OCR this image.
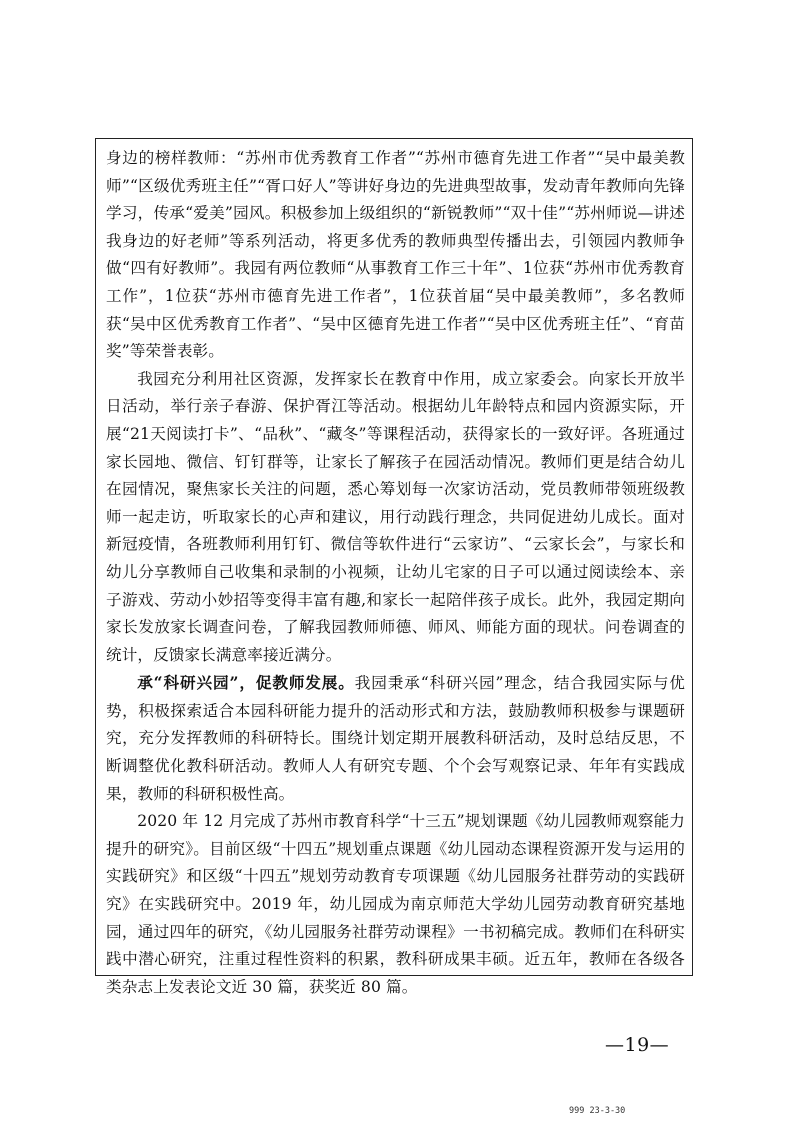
身边的榜样教师：“苏州市优秀教育工作者”“苏州市德育先进工作者”“吴中最美教师”“区级优秀班主任”“胥口好人”等讲好身边的先进典型故事，发动青年教师向先锋学习，传承“爱美”园风。积极参加上级组织的“新锐教师”“双十佳”“苏州师说—讲述我身边的好老师”等系列活动，将更多优秀的教师典型传播出去，引领园内教师争做“四有好教师”。我园有两位教师“从事教育工作三十年”、1位获“苏州市优秀教育工作”，1位获“苏州市德育先进工作者”，1位获首届“吴中最美教师”，多名教师获“吴中区优秀教育工作者”、“吴中区德育先进工作者”“吴中区优秀班主任”、“育苗奖”等荣誉表彰。

我园充分利用社区资源，发挥家长在教育中作用，成立家委会。向家长开放半日活动，举行亲子春游、保护胥江等活动。根据幼儿年龄特点和园内资源实际，开展“21天阅读打卡”、“品秋”、“藏冬”等课程活动，获得家长的一致好评。各班通过家长园地、微信、钉钉群等，让家长了解孩子在园活动情况。教师们更是结合幼儿在园情况，聚焦家长关注的问题，悉心筹划每一次家访活动，党员教师带领班级教师一起走访，听取家长的心声和建议，用行动践行理念，共同促进幼儿成长。面对新冠疫情，各班教师利用钉钉、微信等软件进行“云家访”、“云家长会”，与家长和幼儿分享教师自己收集和录制的小视频，让幼儿宅家的日子可以通过阅读绘本、亲子游戏、劳动小妙招等变得丰富有趣,和家长一起陪伴孩子成长。此外，我园定期向家长发放家长调查问卷，了解我园教师师德、师风、师能方面的现状。问卷调查的统计，反馈家长满意率接近满分。

承“科研兴园”，促教师发展。我园秉承“科研兴园”理念，结合我园实际与优势，积极探索适合本园科研能力提升的活动形式和方法，鼓励教师积极参与课题研究，充分发挥教师的科研特长。围绕计划定期开展教科研活动，及时总结反思，不断调整优化教科研活动。教师人人有研究专题、个个会写观察记录、年年有实践成果，教师的科研积极性高。

2020 年 12 月完成了苏州市教育科学“十三五”规划课题《幼儿园教师观察能力提升的研究》。目前区级“十四五”规划重点课题《幼儿园动态课程资源开发与运用的实践研究》和区级“十四五”规划劳动教育专项课题《幼儿园服务社群劳动的实践研究》在实践研究中。2019 年，幼儿园成为南京师范大学幼儿园劳动教育研究基地园，通过四年的研究，《幼儿园服务社群劳动课程》一书初稿完成。教师们在科研实践中潜心研究，注重过程性资料的积累，教科研成果丰硕。近五年，教师在各级各类杂志上发表论文近 30 篇，获奖近 80 篇。

—19—
999 23-3-30
